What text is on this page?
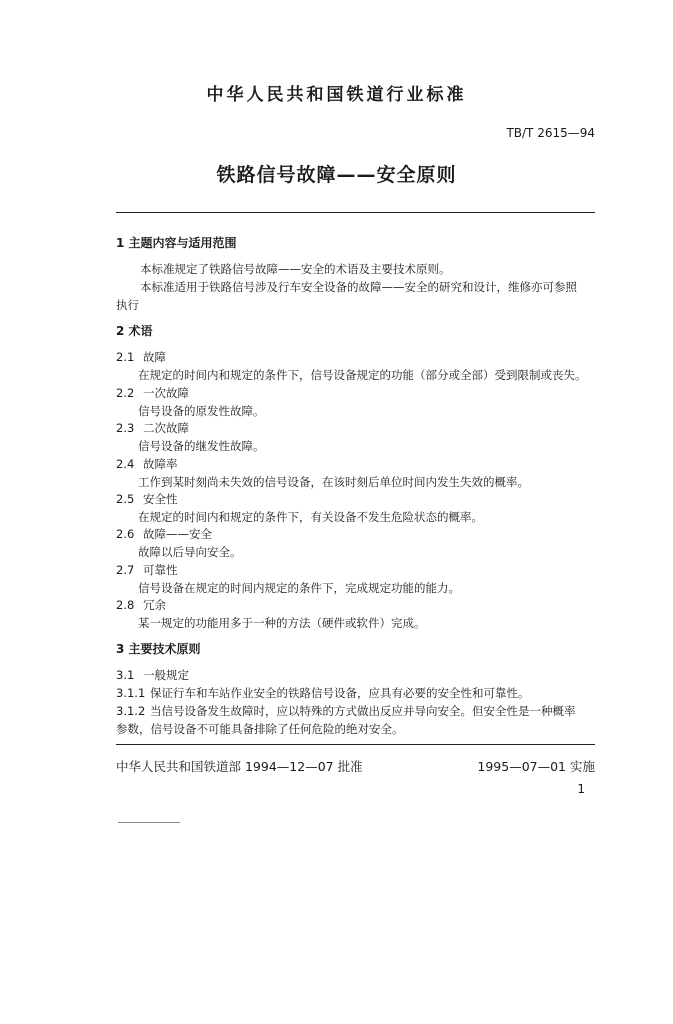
中华人民共和国铁道行业标准
TB/T 2615—94
铁路信号故障——安全原则
1 主题内容与适用范围
本标准规定了铁路信号故障——安全的术语及主要技术原则。
本标准适用于铁路信号涉及行车安全设备的故障——安全的研究和设计，维修亦可参照
执行
2 术语
2.1 故障
在规定的时间内和规定的条件下，信号设备规定的功能（部分或全部）受到限制或丧失。
2.2 一次故障
信号设备的原发性故障。
2.3 二次故障
信号设备的继发性故障。
2.4 故障率
工作到某时刻尚未失效的信号设备，在该时刻后单位时间内发生失效的概率。
2.5 安全性
在规定的时间内和规定的条件下，有关设备不发生危险状态的概率。
2.6 故障——安全
故障以后导向安全。
2.7 可靠性
信号设备在规定的时间内规定的条件下，完成规定功能的能力。
2.8 冗余
某一规定的功能用多于一种的方法（硬件或软件）完成。
3 主要技术原则
3.1 一般规定
3.1.1 保证行车和车站作业安全的铁路信号设备，应具有必要的安全性和可靠性。
3.1.2 当信号设备发生故障时，应以特殊的方式做出反应并导向安全。但安全性是一种概率
参数，信号设备不可能具备排除了任何危险的绝对安全。
中华人民共和国铁道部 1994—12—07 批准	1995—07—01 实施
1
